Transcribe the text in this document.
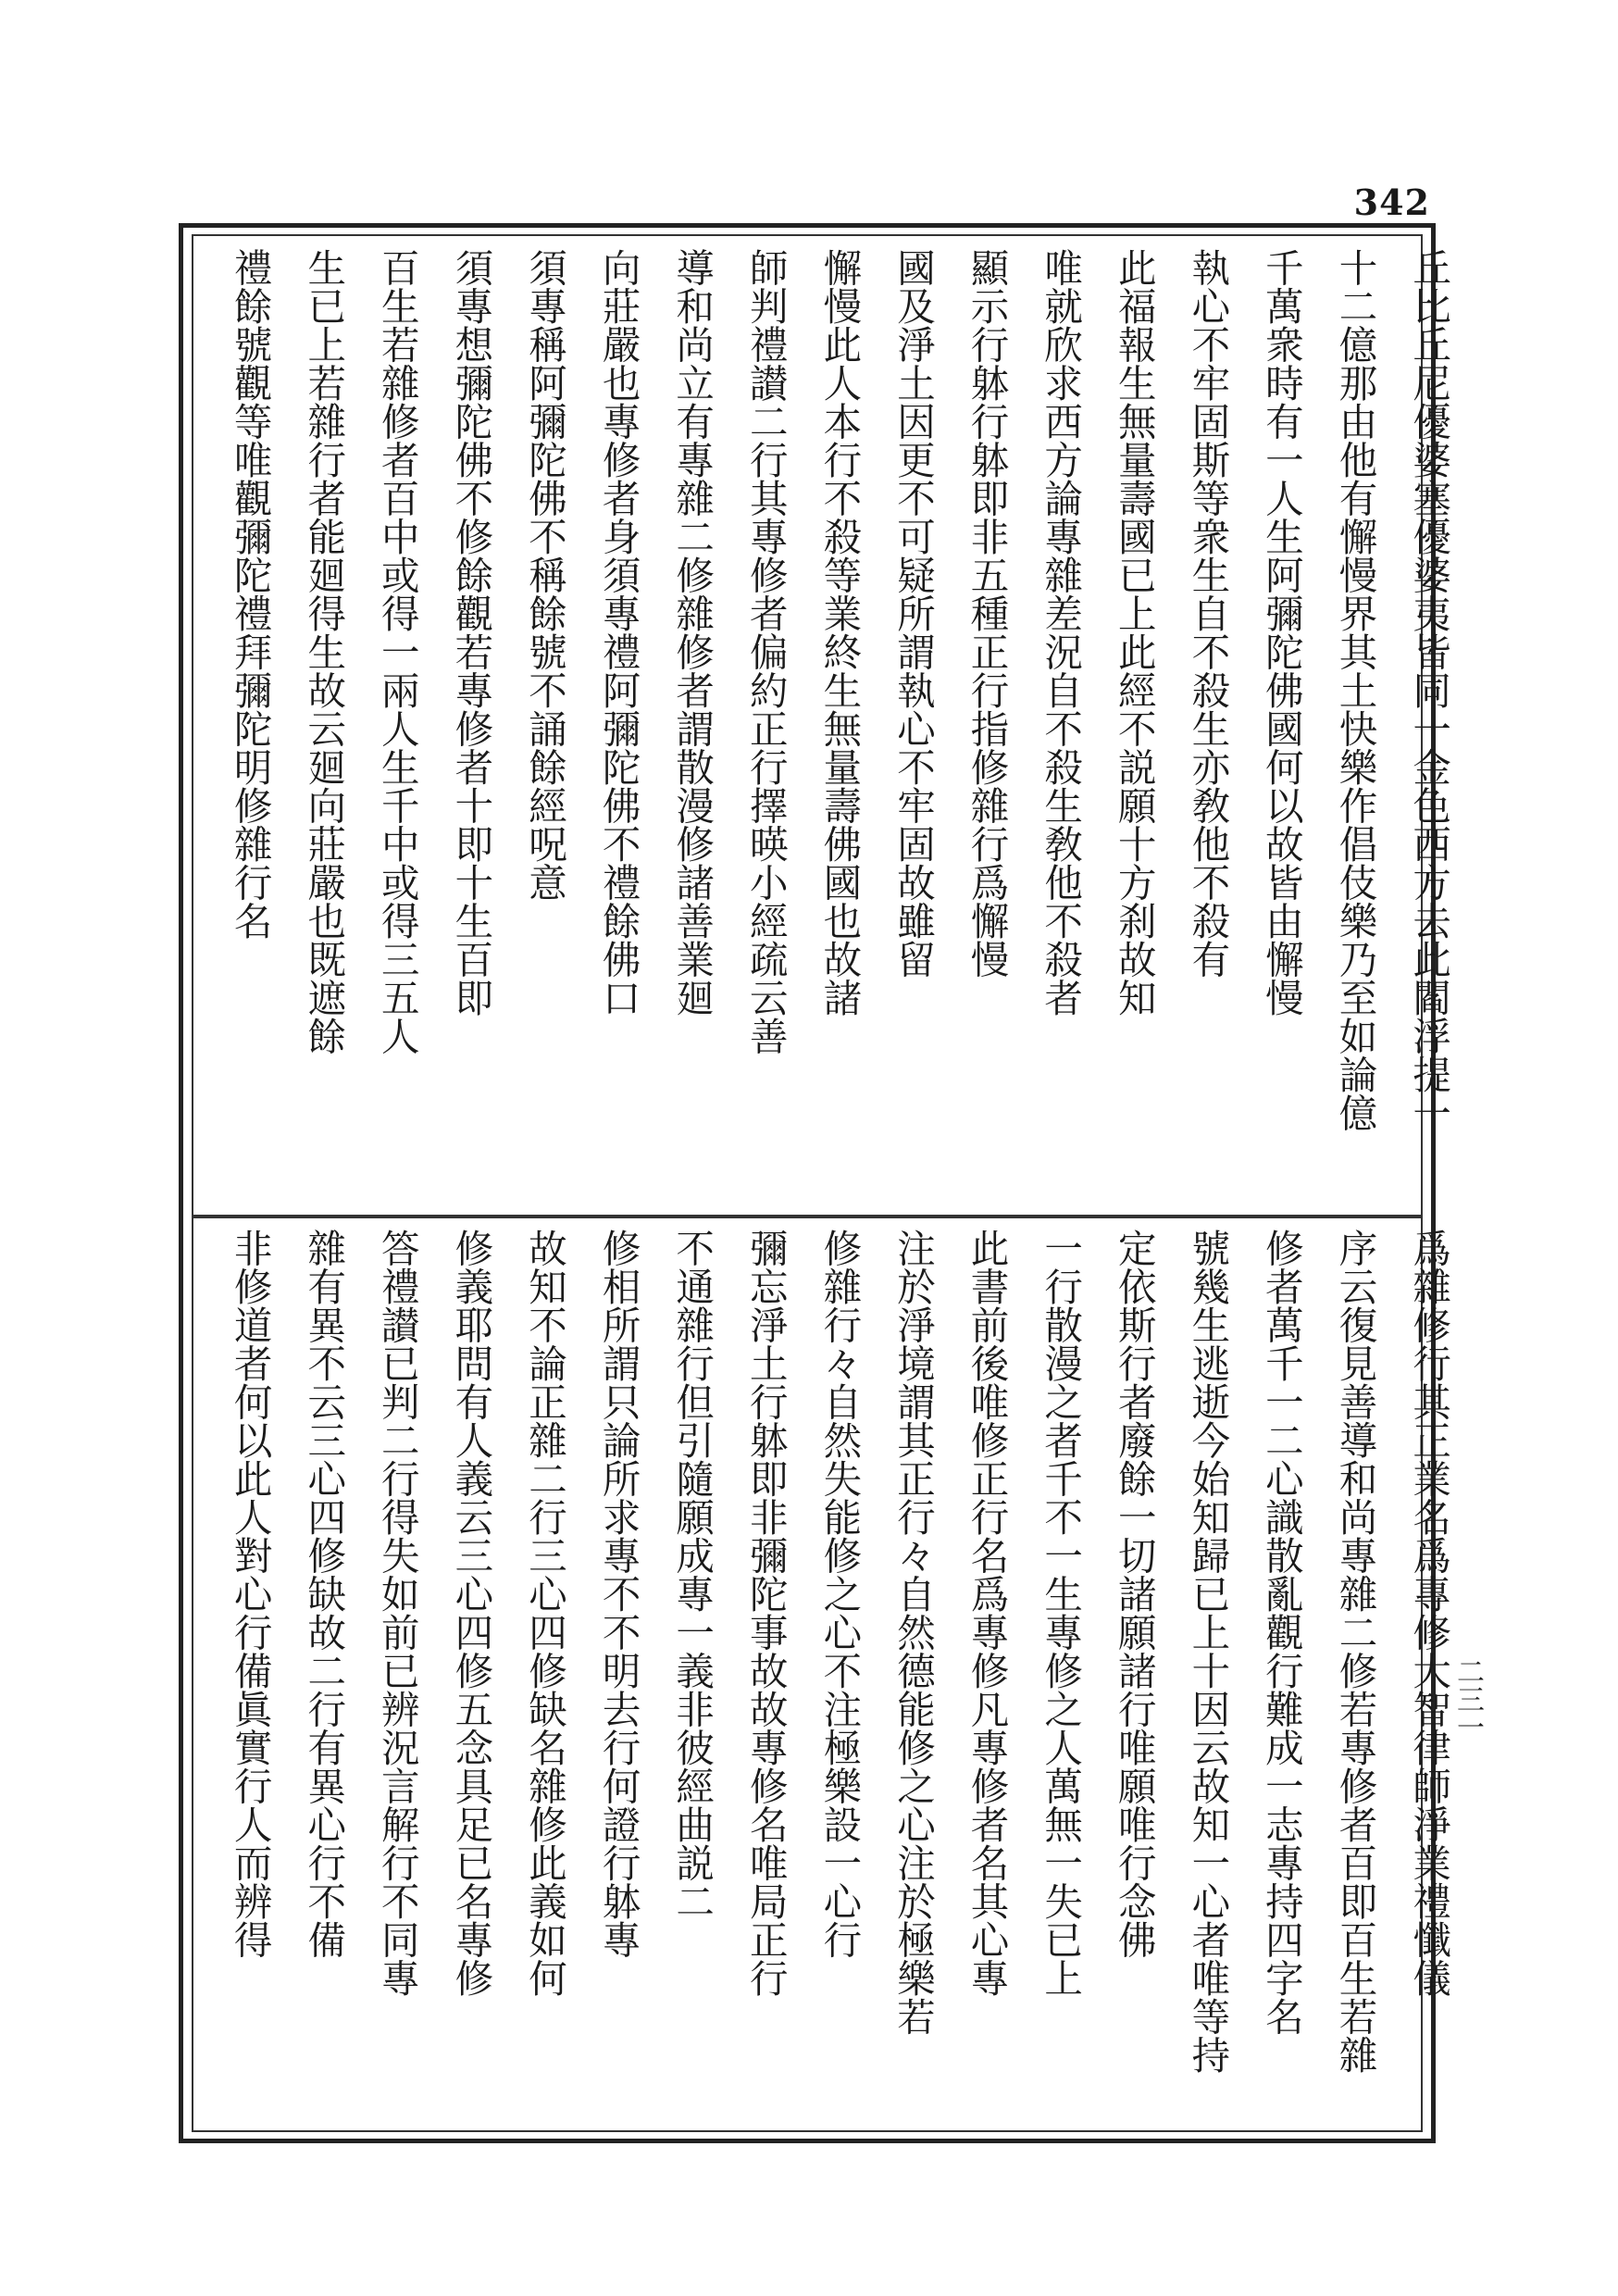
342
二三一
丘比丘尼優婆塞優婆夷皆同一金色西方去此閻浮提一
十二億那由他有懈慢界其土快樂作倡伎樂乃至如論億
千萬衆時有一人生阿彌陀佛國何以故皆由懈慢
執心不牢固斯等衆生自不殺生亦敎他不殺有
此福報生無量壽國已上此經不説願十方刹故知
唯就欣求西方論專雜差況自不殺生敎他不殺者
顯示行躰行躰即非五種正行指修雜行爲懈慢
國及淨土因更不可疑所謂執心不牢固故雖留
懈慢此人本行不殺等業終生無量壽佛國也故諸
師判禮讃二行其專修者偏約正行擇暎小經疏云善
導和尚立有專雜二修雜修者謂散漫修諸善業廻
向莊嚴也專修者身須專禮阿彌陀佛不禮餘佛口
須專稱阿彌陀佛不稱餘號不誦餘經呪意
須專想彌陀佛不修餘觀若專修者十即十生百即
百生若雜修者百中或得一兩人生千中或得三五人
生已上若雜行者能廻得生故云廻向莊嚴也既遮餘
禮餘號觀等唯觀彌陀禮拜彌陀明修雜行名
爲雜修行其正業名爲專修大智律師淨業禮懺儀
序云復見善導和尚專雜二修若專修者百即百生若雜
修者萬千一二心識散亂觀行難成一志專持四字名
號幾生逃逝今始知歸已上十因云故知一心者唯等持
定依斯行者廢餘一切諸願諸行唯願唯行念佛
一行散漫之者千不一生專修之人萬無一失已上
此書前後唯修正行名爲專修凡專修者名其心專
注於淨境謂其正行々自然德能修之心注於極樂若
修雜行々自然失能修之心不注極樂設一心行
彌忘淨土行躰即非彌陀事故故專修名唯局正行
不通雜行但引隨願成專一義非彼經曲説二
修相所謂只論所求專不不明去行何證行躰專
故知不論正雜二行三心四修缺名雜修此義如何
修義耶問有人義云三心四修五念具足已名專修
答禮讃已判二行得失如前已辨況言解行不同專
雜有異不云三心四修缺故二行有異心行不備
非修道者何以此人對心行備眞實行人而辨得
